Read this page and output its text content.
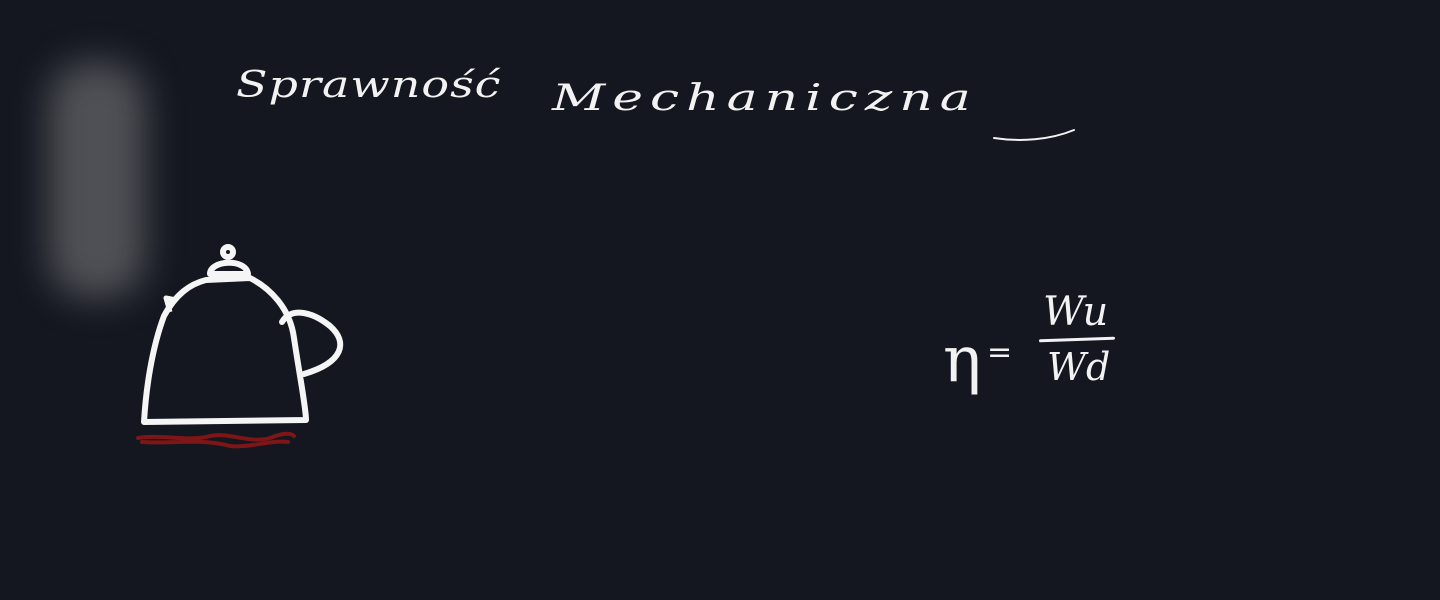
Sprawność Mechaniczna
η =
Wu
Wd
